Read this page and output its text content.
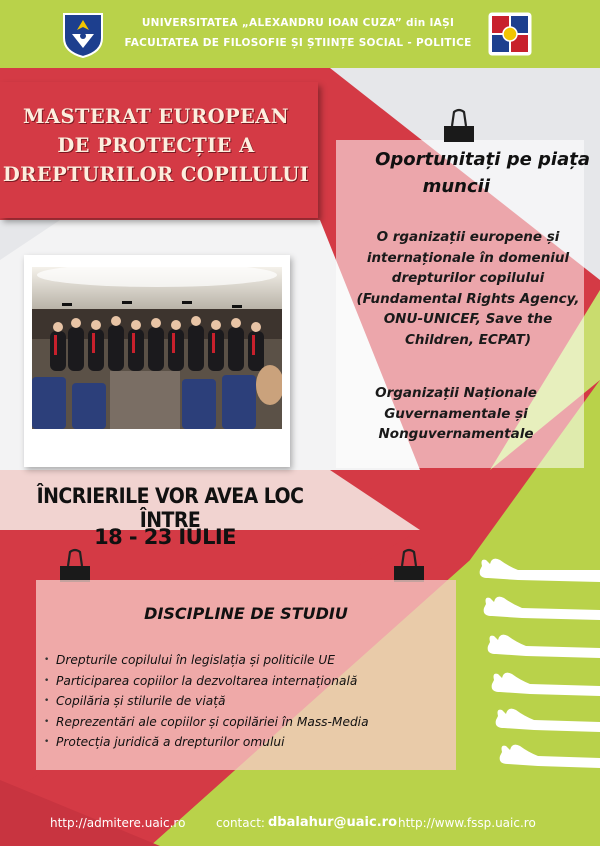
UNIVERSITATEA „ALEXANDRU IOAN CUZA” din IAȘI
FACULTATEA DE FILOSOFIE ȘI ȘTIINȚE SOCIAL - POLITICE
MASTERAT EUROPEAN
DE PROTECȚIE A
DREPTURILOR COPILULUI
Oportunitați pe piața
muncii
O rganizații europene și
internaționale în domeniul
drepturilor copilului
(Fundamental Rights Agency,
ONU-UNICEF, Save the
Children, ECPAT)
Organizații Naționale
Guvernamentale și
Nonguvernamentale
ÎNCRIERILE VOR AVEA LOC ÎNTRE
18 - 23 IULIE
DISCIPLINE DE STUDIU
• Drepturile copilului în legislația și politicile UE
• Participarea copiilor la dezvoltarea internațională
• Copilăria și stilurile de viață
• Reprezentări ale copiilor și copilăriei în Mass-Media
• Protecția juridică a drepturilor omului
http://admitere.uaic.ro	contact: dbalahur@uaic.ro http://www.fssp.uaic.ro
